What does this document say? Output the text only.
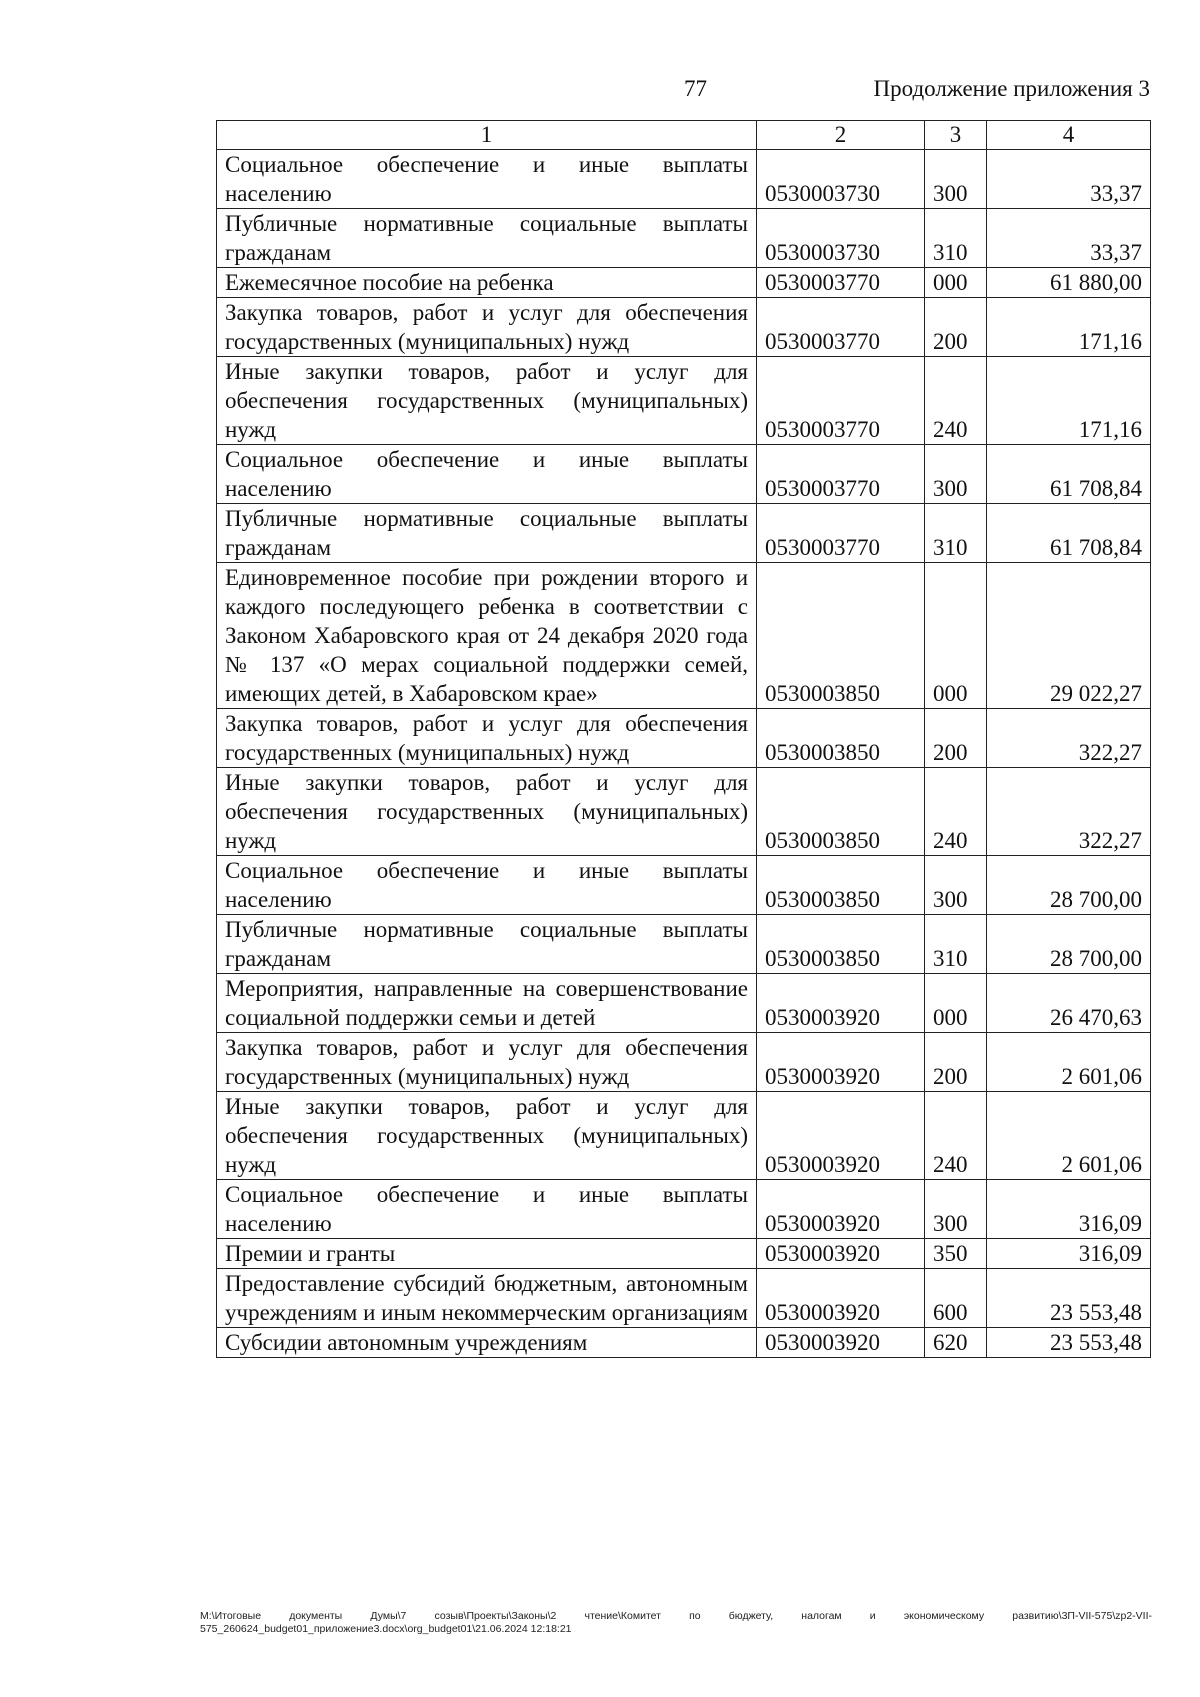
77	Продолжение приложения 3
1	2	3	4
Социальное обеспечение и иные выплаты населению	0530003730	300	33,37
Публичные нормативные социальные выплаты гражданам	0530003730	310	33,37
Ежемесячное пособие на ребенка	0530003770	000	61 880,00
Закупка товаров, работ и услуг для обеспечения государственных (муниципальных) нужд	0530003770	200	171,16
Иные закупки товаров, работ и услуг для обеспечения государственных (муниципальных) нужд	0530003770	240	171,16
Социальное обеспечение и иные выплаты населению	0530003770	300	61 708,84
Публичные нормативные социальные выплаты гражданам	0530003770	310	61 708,84
Единовременное пособие при рождении второго и каждого последующего ребенка в соответствии с Законом Хабаровского края от 24 декабря 2020 года № 137 «О мерах социальной поддержки семей, имеющих детей, в Хабаровском крае»	0530003850	000	29 022,27
Закупка товаров, работ и услуг для обеспечения государственных (муниципальных) нужд	0530003850	200	322,27
Иные закупки товаров, работ и услуг для обеспечения государственных (муниципальных) нужд	0530003850	240	322,27
Социальное обеспечение и иные выплаты населению	0530003850	300	28 700,00
Публичные нормативные социальные выплаты гражданам	0530003850	310	28 700,00
Мероприятия, направленные на совершенствование социальной поддержки семьи и детей	0530003920	000	26 470,63
Закупка товаров, работ и услуг для обеспечения государственных (муниципальных) нужд	0530003920	200	2 601,06
Иные закупки товаров, работ и услуг для обеспечения государственных (муниципальных) нужд	0530003920	240	2 601,06
Социальное обеспечение и иные выплаты населению	0530003920	300	316,09
Премии и гранты	0530003920	350	316,09
Предоставление субсидий бюджетным, автономным учреждениям и иным некоммерческим организациям	0530003920	600	23 553,48
Субсидии автономным учреждениям	0530003920	620	23 553,48
M:\Итоговые документы Думы\7 созыв\Проекты\Законы\2 чтение\Комитет по бюджету, налогам и экономическому развитию\3П-VII-575\zp2-VII-575_260624_budget01_приложение3.docx\org_budget01\21.06.2024 12:18:21
